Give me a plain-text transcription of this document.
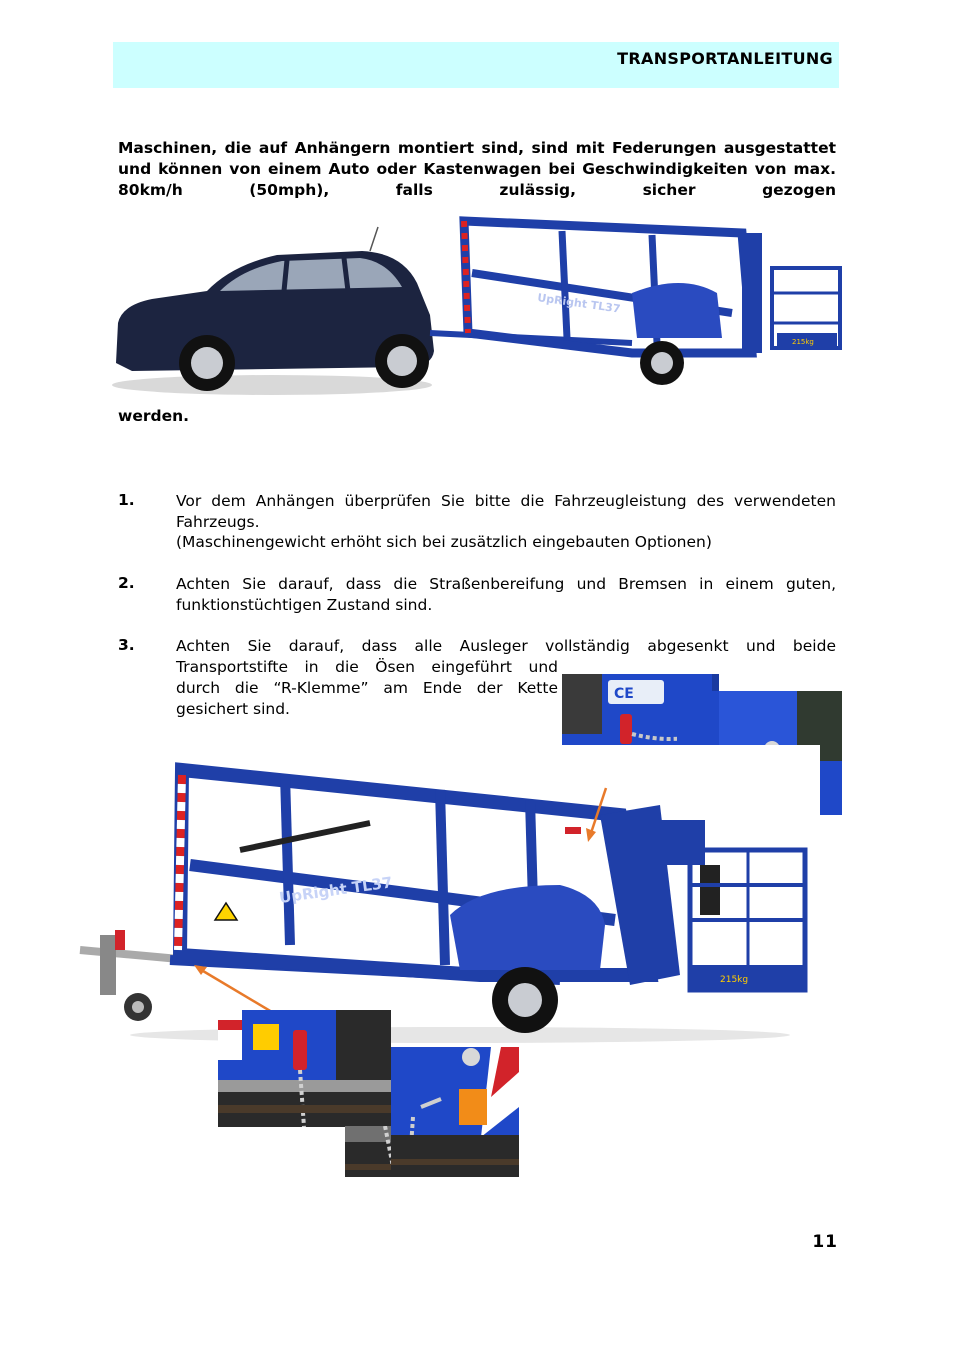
TRANSPORTANLEITUNG
Maschinen, die auf Anhängern montiert sind, sind mit Federungen ausgestattet und können von einem Auto oder Kastenwagen bei Geschwindigkeiten von max. 80km/h (50mph), falls zulässig, sicher gezogen
UpRight TL37
215kg
werden.
1.	Vor dem Anhängen überprüfen Sie bitte die Fahrzeugleistung des verwendeten Fahrzeugs.
(Maschinengewicht erhöht sich bei zusätzlich eingebauten Optionen)
2.	Achten Sie darauf, dass die Straßenbereifung und Bremsen in einem guten, funktionstüchtigen Zustand sind.
3.	Achten Sie darauf, dass alle Ausleger vollständig abgesenkt und beide
Transportstifte in die Ösen eingeführt und
durch die “R-Klemme” am Ende der Kette
gesichert sind.
CE
UpRight TL37
215kg
11
